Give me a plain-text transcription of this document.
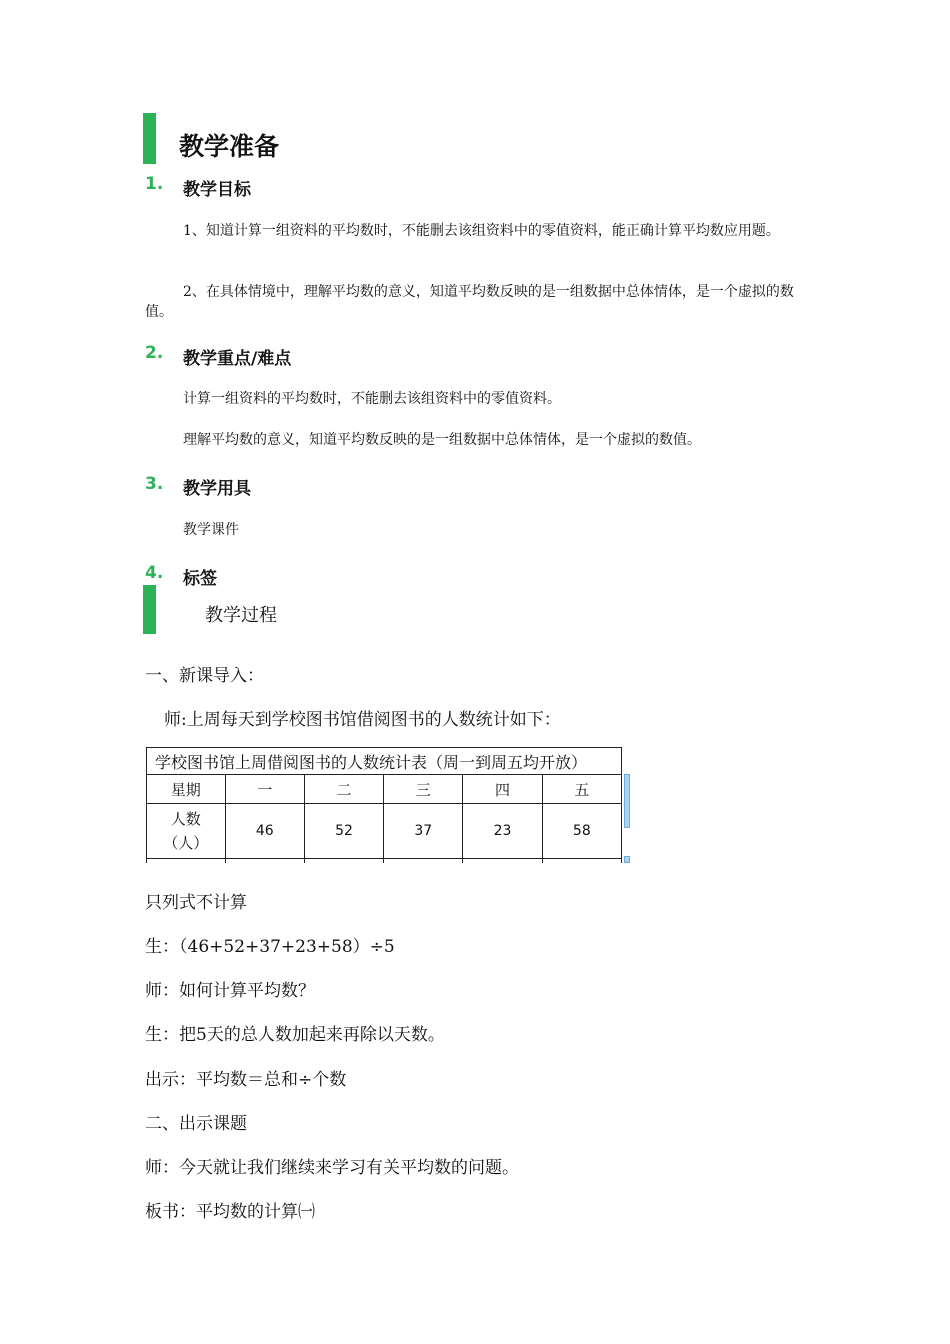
教学准备
1. 教学目标
1、知道计算一组资料的平均数时，不能删去该组资料中的零值资料，能正确计算平均数应用题。
2、在具体情境中，理解平均数的意义，知道平均数反映的是一组数据中总体情体，是一个虚拟的数值。
2. 教学重点/难点
计算一组资料的平均数时，不能删去该组资料中的零值资料。
理解平均数的意义，知道平均数反映的是一组数据中总体情体，是一个虚拟的数值。
3. 教学用具
教学课件
4. 标签
教学过程
一、新课导入：
师:上周每天到学校图书馆借阅图书的人数统计如下：
学校图书馆上周借阅图书的人数统计表（周一到周五均开放）					
星期	一	二	三	四	五

人数
（人）	46	52	37	23	58

只列式不计算
生：（46+52+37+23+58）÷5
师：如何计算平均数？
生：把5天的总人数加起来再除以天数。
出示：平均数＝总和÷个数
二、出示课题
师：今天就让我们继续来学习有关平均数的问题。
板书：平均数的计算㈠
